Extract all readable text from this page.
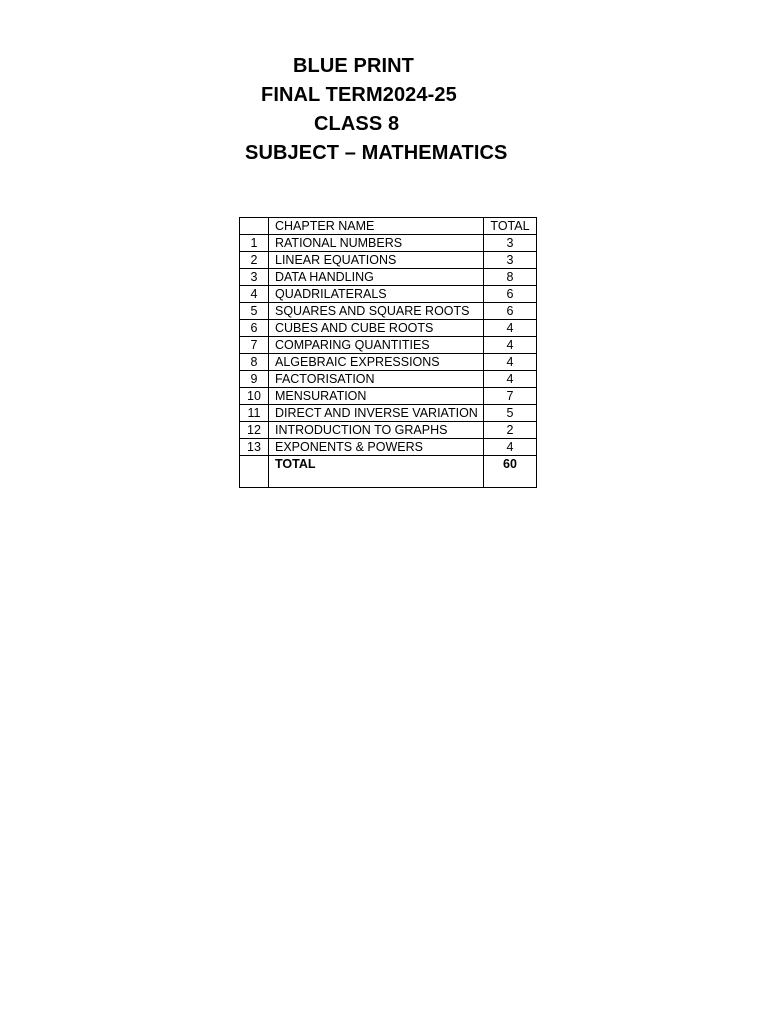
BLUE PRINT
FINAL TERM2024-25
CLASS 8
SUBJECT – MATHEMATICS
	CHAPTER NAME	TOTAL
1	RATIONAL NUMBERS	3
2	LINEAR EQUATIONS	3
3	DATA HANDLING	8
4	QUADRILATERALS	6
5	SQUARES AND SQUARE ROOTS	6
6	CUBES AND CUBE ROOTS	4
7	COMPARING QUANTITIES	4
8	ALGEBRAIC EXPRESSIONS	4
9	FACTORISATION	4
10	MENSURATION	7
11	DIRECT AND INVERSE VARIATION	5
12	INTRODUCTION TO GRAPHS	2
13	EXPONENTS & POWERS	4
	TOTAL	60
